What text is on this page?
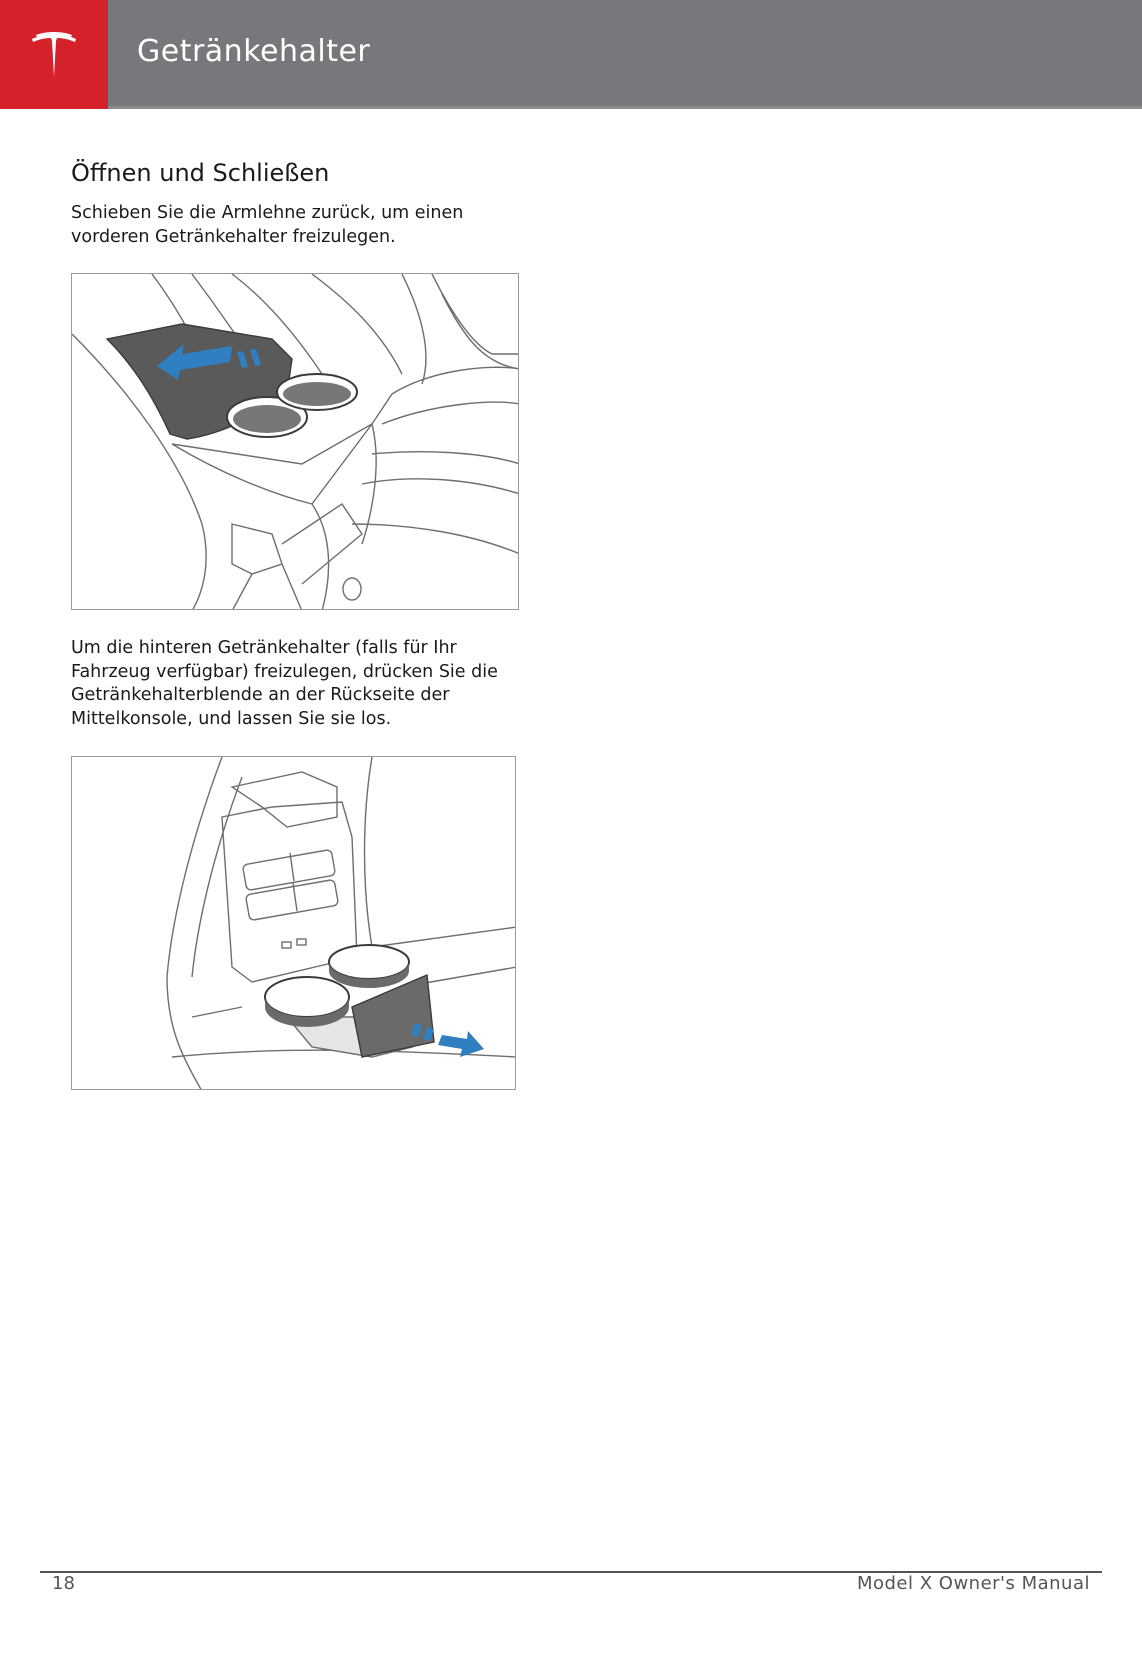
Getränkehalter
Öffnen und Schließen
Schieben Sie die Armlehne zurück, um einen vorderen Getränkehalter freizulegen.
Um die hinteren Getränkehalter (falls für Ihr Fahrzeug verfügbar) freizulegen, drücken Sie die Getränkehalterblende an der Rückseite der Mittelkonsole, und lassen Sie sie los.
18	Model X Owner's Manual
